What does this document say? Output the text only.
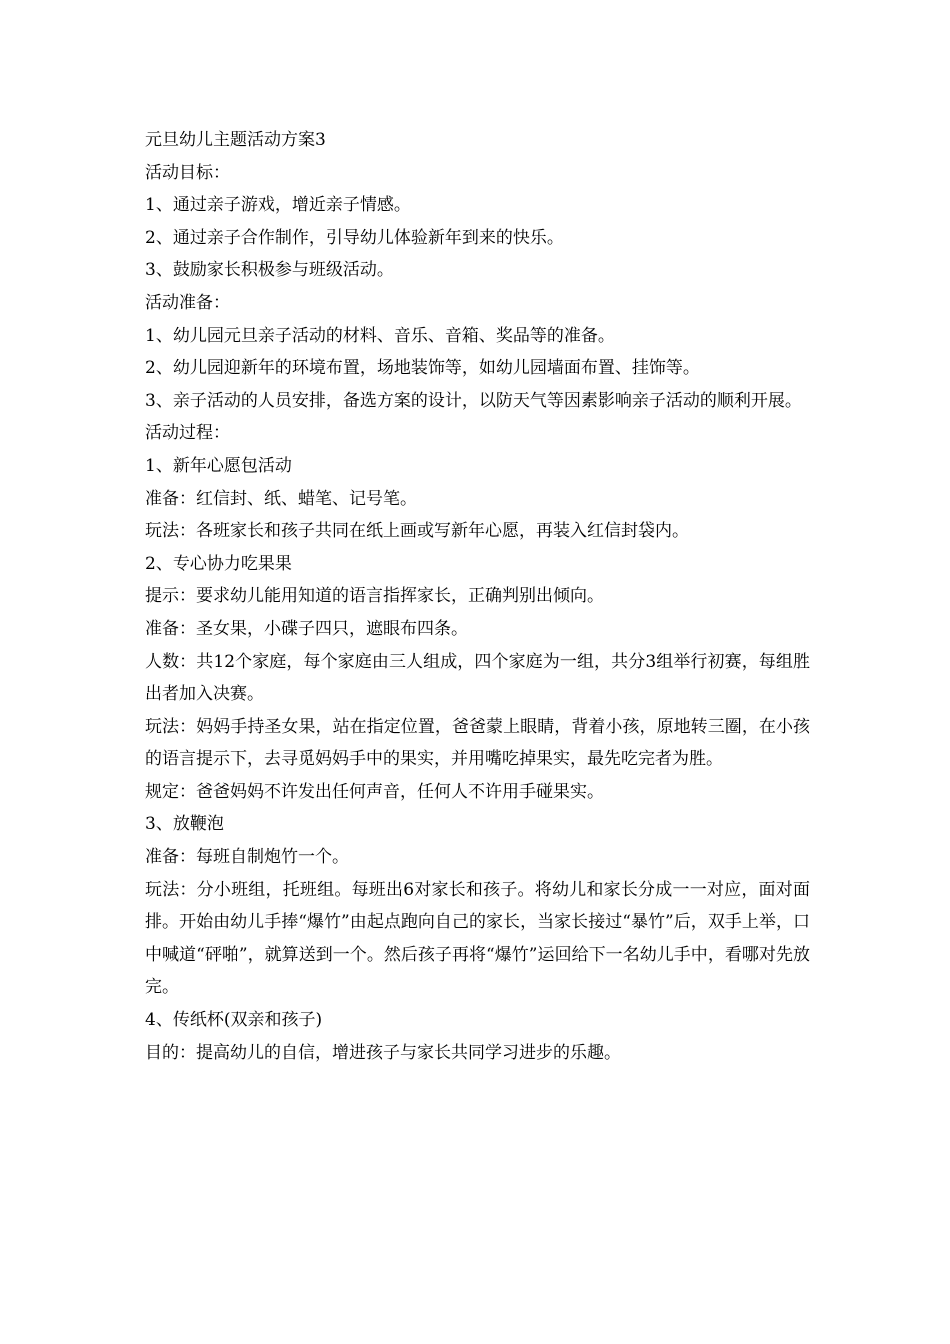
元旦幼儿主题活动方案3

活动目标：

1、通过亲子游戏，增近亲子情感。

2、通过亲子合作制作，引导幼儿体验新年到来的快乐。

3、鼓励家长积极参与班级活动。

活动准备：

1、幼儿园元旦亲子活动的材料、音乐、音箱、奖品等的准备。

2、幼儿园迎新年的环境布置，场地装饰等，如幼儿园墙面布置、挂饰等。

3、亲子活动的人员安排，备选方案的设计，以防天气等因素影响亲子活动的顺利开展。

活动过程：

1、新年心愿包活动

准备：红信封、纸、蜡笔、记号笔。

玩法：各班家长和孩子共同在纸上画或写新年心愿，再装入红信封袋内。

2、专心协力吃果果

提示：要求幼儿能用知道的语言指挥家长，正确判别出倾向。

准备：圣女果，小碟子四只，遮眼布四条。

人数：共12个家庭，每个家庭由三人组成，四个家庭为一组，共分3组举行初赛，每组胜出者加入决赛。

玩法：妈妈手持圣女果，站在指定位置，爸爸蒙上眼睛，背着小孩，原地转三圈，在小孩的语言提示下，去寻觅妈妈手中的果实，并用嘴吃掉果实，最先吃完者为胜。

规定：爸爸妈妈不许发出任何声音，任何人不许用手碰果实。

3、放鞭泡

准备：每班自制炮竹一个。

玩法：分小班组，托班组。每班出6对家长和孩子。将幼儿和家长分成一一对应，面对面排。开始由幼儿手捧“爆竹”由起点跑向自己的家长，当家长接过“暴竹”后，双手上举，口中喊道“砰啪”，就算送到一个。然后孩子再将“爆竹”运回给下一名幼儿手中，看哪对先放完。

4、传纸杯(双亲和孩子)

目的：提高幼儿的自信，增进孩子与家长共同学习进步的乐趣。
